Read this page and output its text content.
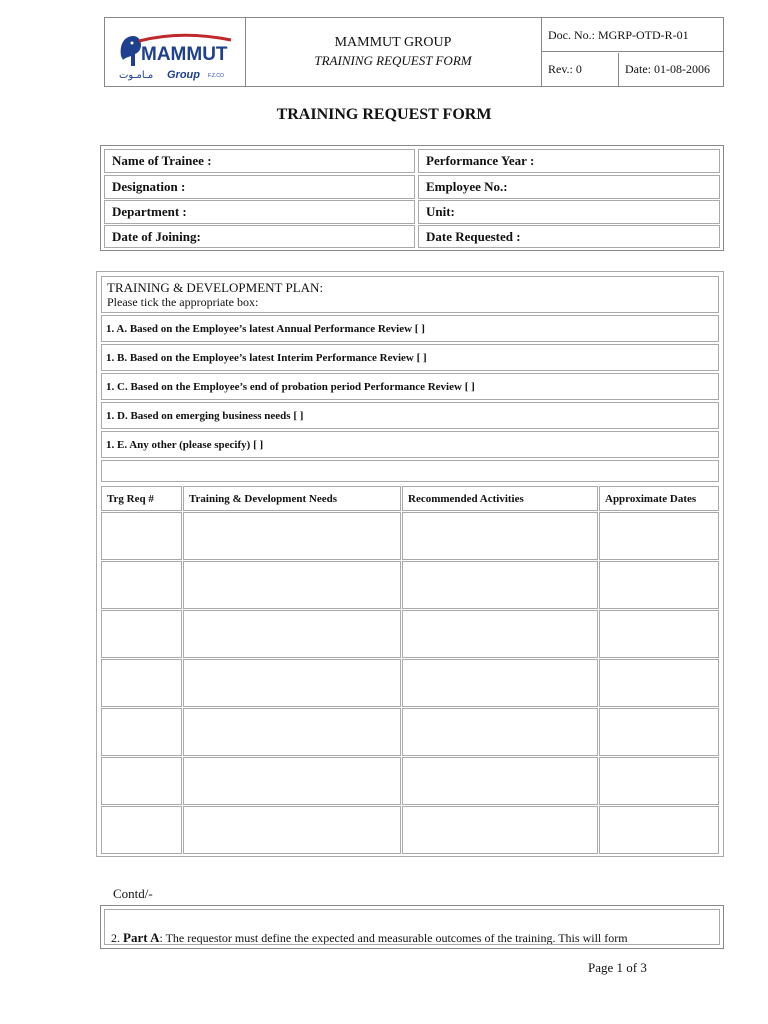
MAMMUT
مـامـوت Group F.Z.CO
MAMMUT GROUP
TRAINING REQUEST FORM
Doc. No.: MGRP-OTD-R-01
Rev.: 0	Date: 01-08-2006
TRAINING REQUEST FORM
Name of Trainee :	Performance Year :
Designation :	Employee No.:
Department :	Unit:
Date of Joining:	Date Requested :
TRAINING & DEVELOPMENT PLAN:
Please tick the appropriate box:
1. A. Based on the Employee’s latest Annual Performance Review [ ]
1. B. Based on the Employee’s latest Interim Performance Review [ ]
1. C. Based on the Employee’s end of probation period Performance Review [ ]
1. D. Based on emerging business needs [ ]
1. E. Any other (please specify) [ ]
Trg Req #	Training & Development Needs	Recommended Activities	Approximate Dates
Contd/-
2. Part A: The requestor must define the expected and measurable outcomes of the training. This will form
Page 1 of 3
